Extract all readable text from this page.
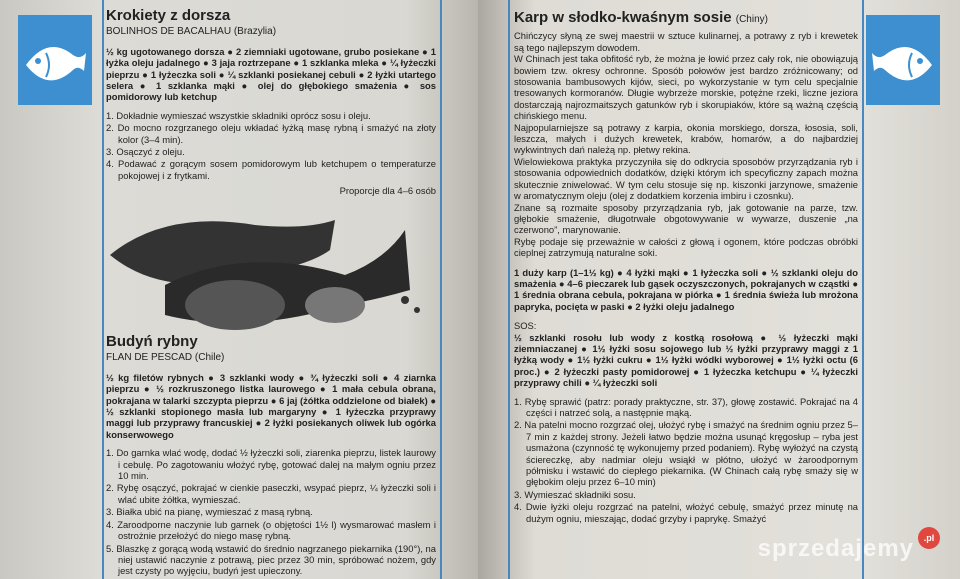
Krokiety z dorsza
BOLINHOS DE BACALHAU (Brazylia)
½ kg ugotowanego dorsza ● 2 ziemniaki ugotowane, grubo posiekane ● 1 łyżka oleju jadalnego ● 3 jaja roztrzepane ● 1 szklanka mleka ● ¼ łyżeczki pieprzu ● 1 łyżeczka soli ● ¼ szklanki posiekanej cebuli ● 2 łyżki utartego selera ● 1 szklanka mąki ● olej do głębokiego smażenia ● sos pomidorowy lub ketchup
1. Dokładnie wymieszać wszystkie składniki oprócz sosu i oleju.
2. Do mocno rozgrzanego oleju wkładać łyżką masę rybną i smażyć na złoty kolor (3–4 min).
3. Osączyć z oleju.
4. Podawać z gorącym sosem pomidorowym lub ketchupem o temperaturze pokojowej i z frytkami.
Proporcje dla 4–6 osób
Budyń rybny
FLAN DE PESCAD (Chile)
½ kg filetów rybnych ● 3 szklanki wody ● ¾ łyżeczki soli ● 4 ziarnka pieprzu ● ½ rozkruszonego listka laurowego ● 1 mała cebula obrana, pokrajana w talarki szczypta pieprzu ● 6 jaj (żółtka oddzielone od białek) ● ½ szklanki stopionego masła lub margaryny ● 1 łyżeczka przyprawy maggi lub przyprawy francuskiej ● 2 łyżki posiekanych oliwek lub ogórka konserwowego
1. Do garnka wlać wodę, dodać ½ łyżeczki soli, ziarenka pieprzu, listek laurowy i cebulę. Po zagotowaniu włożyć rybę, gotować dalej na małym ogniu przez 10 min.
2. Rybę osączyć, pokrajać w cienkie paseczki, wsypać pieprz, ¼ łyżeczki soli i wlać ubite żółtka, wymieszać.
3. Białka ubić na pianę, wymieszać z masą rybną.
4. Zaroodporne naczynie lub garnek (o objętości 1½ l) wysmarować masłem i ostrożnie przełożyć do niego masę rybną.
5. Blaszkę z gorącą wodą wstawić do średnio nagrzanego piekarnika (190°), na niej ustawić naczynie z potrawą, piec przez 30 min, spróbować nożem, gdy jest czysty po wyjęciu, budyń jest upieczony.
Karp w słodko-kwaśnym sosie (Chiny)

Chińczycy słyną ze swej maestrii w sztuce kulinarnej, a potrawy z ryb i krewetek są tego najlepszym dowodem.

W Chinach jest taka obfitość ryb, że można je łowić przez cały rok, nie obowiązują bowiem tzw. okresy ochronne. Sposób połowów jest bardzo zróżnicowany; od stosowania bambusowych kijów, sieci, po wykorzystanie w tym celu specjalnie tresowanych kormoranów. Długie wybrzeże morskie, potężne rzeki, liczne jeziora dostarczają najrozmaitszych gatunków ryb i skorupiaków, które są ważną częścią chińskiego menu.

Najpopularniejsze są potrawy z karpia, okonia morskiego, dorsza, łososia, soli, leszcza, małych i dużych krewetek, krabów, homarów, a do najbardziej wykwintnych dań należą np. płetwy rekina.

Wielowiekowa praktyka przyczyniła się do odkrycia sposobów przyrządzania ryb i stosowania odpowiednich dodatków, dzięki którym ich specyficzny zapach można skutecznie zniwelować. W tym celu stosuje się np. kiszonki jarzynowe, smażenie w aromatycznym oleju (olej z dodatkiem korzenia imbiru i czosnku).

Znane są rozmaite sposoby przyrządzania ryb, jak gotowanie na parze, tzw. głębokie smażenie, długotrwałe obgotowywanie w wywarze, duszenie „na czerwono”, marynowanie.

Rybę podaje się przeważnie w całości z głową i ogonem, które podczas obróbki cieplnej zatrzymują naturalne soki.

1 duży karp (1–1½ kg) ● 4 łyżki mąki ● 1 łyżeczka soli ● ½ szklanki oleju do smażenia ● 4–6 pieczarek lub gąsek oczyszczonych, pokrajanych w cząstki ● 1 średnia obrana cebula, pokrajana w piórka ● 1 średnia świeża lub mrożona papryka, pocięta w paski ● 2 łyżki oleju jadalnego
SOS:
½ szklanki rosołu lub wody z kostką rosołową ● ½ łyżeczki mąki ziemniaczanej ● 1½ łyżki sosu sojowego lub ½ łyżki przyprawy maggi z 1 łyżką wody ● 1½ łyżki cukru ● 1½ łyżki wódki wyborowej ● 1½ łyżki octu (6 proc.) ● 2 łyżeczki pasty pomidorowej ● 1 łyżeczka ketchupu ● ¼ łyżeczki przyprawy chili ● ¼ łyżeczki soli
1. Rybę sprawić (patrz: porady praktyczne, str. 37), głowę zostawić. Pokrajać na 4 części i natrzeć solą, a następnie mąką.
2. Na patelni mocno rozgrzać olej, ułożyć rybę i smażyć na średnim ogniu przez 5–7 min z każdej strony. Jeżeli łatwo będzie można usunąć kręgosłup – ryba jest usmażona (czynność tę wykonujemy przed podaniem). Rybę wyłożyć na czystą ściereczkę, aby nadmiar oleju wsiąkł w płótno, ułożyć w żaroodpornym półmisku i wstawić do ciepłego piekarnika. (W Chinach całą rybę smaży się w głębokim oleju przez 6–10 min)
3. Wymieszać składniki sosu.
4. Dwie łyżki oleju rozgrzać na patelni, włożyć cebulę, smażyć przez minutę na dużym ogniu, mieszając, dodać grzyby i paprykę. Smażyć
sprzedajemy	.pl
